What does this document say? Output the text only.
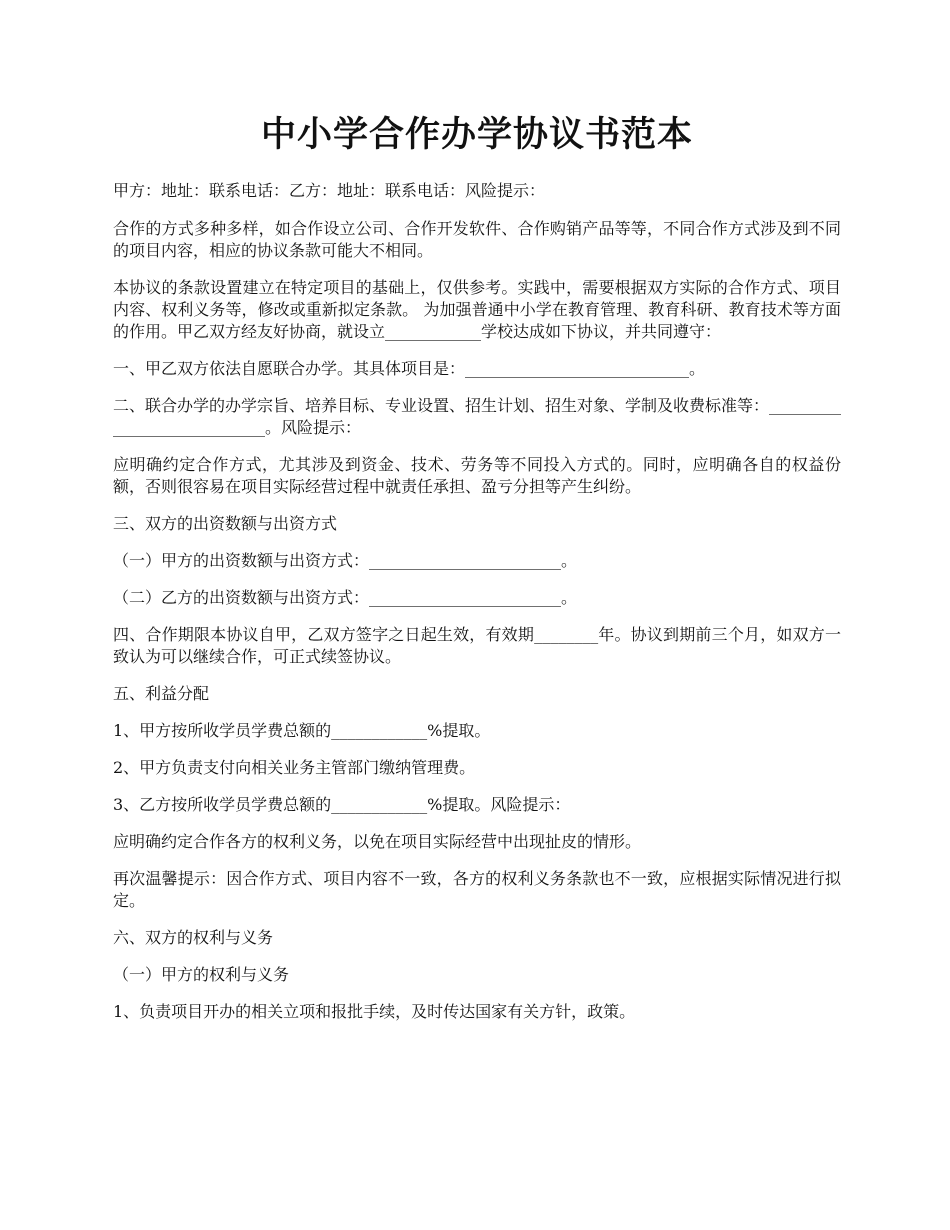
中小学合作办学协议书范本

甲方：地址：联系电话：乙方：地址：联系电话：风险提示：

合作的方式多种多样，如合作设立公司、合作开发软件、合作购销产品等等，不同合作方式涉及到不同的项目内容，相应的协议条款可能大不相同。

本协议的条款设置建立在特定项目的基础上，仅供参考。实践中，需要根据双方实际的合作方式、项目内容、权利义务等，修改或重新拟定条款。 为加强普通中小学在教育管理、教育科研、教育技术等方面的作用。甲乙双方经友好协商，就设立____________学校达成如下协议，并共同遵守：

一、甲乙双方依法自愿联合办学。其具体项目是：____________________________。

二、联合办学的办学宗旨、培养目标、专业设置、招生计划、招生对象、学制及收费标准等：____________________________。风险提示：

应明确约定合作方式，尤其涉及到资金、技术、劳务等不同投入方式的。同时，应明确各自的权益份额，否则很容易在项目实际经营过程中就责任承担、盈亏分担等产生纠纷。

三、双方的出资数额与出资方式

（一）甲方的出资数额与出资方式：________________________。

（二）乙方的出资数额与出资方式：________________________。

四、合作期限本协议自甲，乙双方签字之日起生效，有效期________年。协议到期前三个月，如双方一致认为可以继续合作，可正式续签协议。

五、利益分配

1、甲方按所收学员学费总额的____________%提取。

2、甲方负责支付向相关业务主管部门缴纳管理费。

3、乙方按所收学员学费总额的____________%提取。风险提示：

应明确约定合作各方的权利义务，以免在项目实际经营中出现扯皮的情形。

再次温馨提示：因合作方式、项目内容不一致，各方的权利义务条款也不一致，应根据实际情况进行拟定。

六、双方的权利与义务

（一）甲方的权利与义务

1、负责项目开办的相关立项和报批手续，及时传达国家有关方针，政策。
